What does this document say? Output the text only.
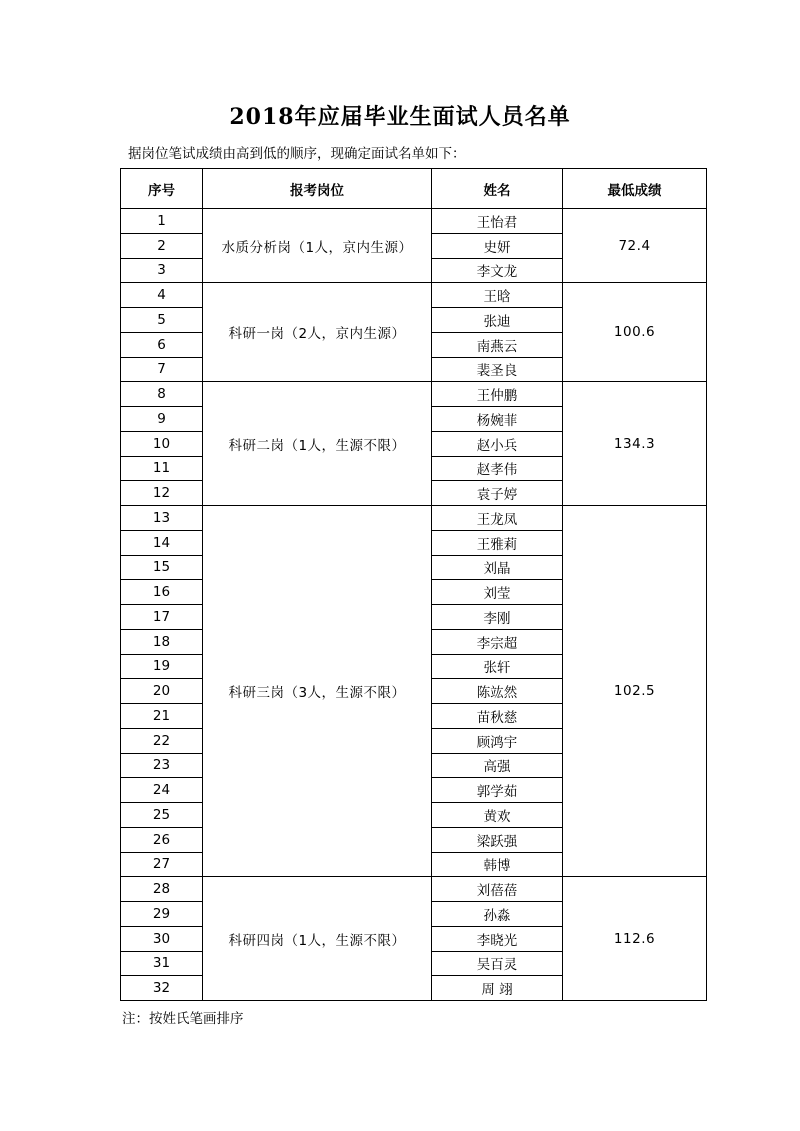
2018年应届毕业生面试人员名单
据岗位笔试成绩由高到低的顺序，现确定面试名单如下：
序号	报考岗位	姓名	最低成绩
1	水质分析岗（1人，京内生源）	王怡君	72.4
2		史妍	
3		李文龙	
4	科研一岗（2人，京内生源）	王晗	100.6
5		张迪	
6		南燕云	
7		裴圣良	
8	科研二岗（1人，生源不限）	王仲鹏	134.3
9		杨婉菲	
10		赵小兵	
11		赵孝伟	
12		袁子婷	
13	科研三岗（3人，生源不限）	王龙凤	102.5
14		王雅莉	
15		刘晶	
16		刘莹	
17		李刚	
18		李宗超	
19		张轩	
20		陈竑然	
21		苗秋慈	
22		顾鸿宇	
23		高强	
24		郭学茹	
25		黄欢	
26		梁跃强	
27		韩博	
28	科研四岗（1人，生源不限）	刘蓓蓓	112.6
29		孙淼	
30		李晓光	
31		吴百灵	
32		周 翊	
注：按姓氏笔画排序
